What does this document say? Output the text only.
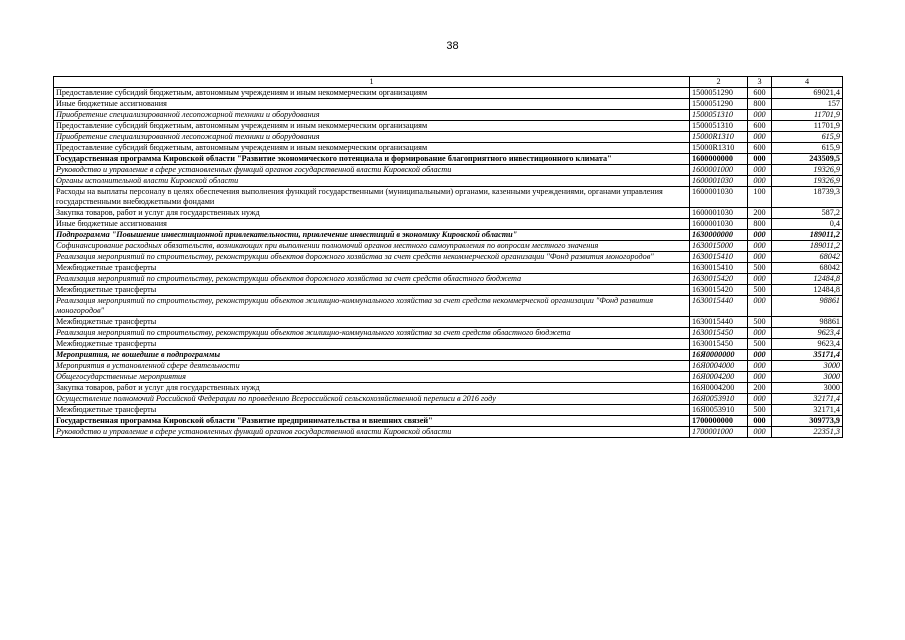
38
1	2	3	4
Предоставление субсидий бюджетным, автономным учреждениям и иным некоммерческим организациям	1500051290	600	69021,4
Иные бюджетные ассигнования	1500051290	800	157
Приобретение специализированной лесопожарной техники и оборудования	1500051310	000	11701,9
Предоставление субсидий бюджетным, автономным учреждениям и иным некоммерческим организациям	1500051310	600	11701,9
Приобретение специализированной лесопожарной техники и оборудования	15000R1310	000	615,9
Предоставление субсидий бюджетным, автономным учреждениям и иным некоммерческим организациям	15000R1310	600	615,9
Государственная программа Кировской области "Развитие экономического потенциала и формирование благоприятного инвестиционного климата"	1600000000	000	243509,5
Руководство и управление в сфере установленных функций органов государственной власти Кировской области	1600001000	000	19326,9
Органы исполнительной власти Кировской области	1600001030	000	19326,9
Расходы на выплаты персоналу в целях обеспечения выполнения функций государственными (муниципальными) органами, казенными учреждениями, органами управления государственными внебюджетными фондами	1600001030	100	18739,3
Закупка товаров, работ и услуг для государственных нужд	1600001030	200	587,2
Иные бюджетные ассигнования	1600001030	800	0,4
Подпрограмма "Повышение инвестиционной привлекательности, привлечение инвестиций в экономику Кировской области"	1630000000	000	189011,2
Софинансирование расходных обязательств, возникающих при выполнении полномочий органов местного самоуправления по вопросам местного значения	1630015000	000	189011,2
Реализация мероприятий по строительству, реконструкции объектов дорожного хозяйства за счет средств некоммерческой организации "Фонд развития моногородов"	1630015410	000	68042
Межбюджетные трансферты	1630015410	500	68042
Реализация мероприятий по строительству, реконструкции объектов дорожного хозяйства за счет средств областного бюджета	1630015420	000	12484,8
Межбюджетные трансферты	1630015420	500	12484,8
Реализация мероприятий по строительству, реконструкции объектов жилищно-коммунального хозяйства за счет средств некоммерческой организации "Фонд развития моногородов"	1630015440	000	98861
Межбюджетные трансферты	1630015440	500	98861
Реализация мероприятий по строительству, реконструкции объектов жилищно-коммунального хозяйства за счет средств областного бюджета	1630015450	000	9623,4
Межбюджетные трансферты	1630015450	500	9623,4
Мероприятия, не вошедшие в подпрограммы	16Я0000000	000	35171,4
Мероприятия в установленной сфере деятельности	16Я0004000	000	3000
Общегосударственные мероприятия	16Я0004200	000	3000
Закупка товаров, работ и услуг для государственных нужд	16Я0004200	200	3000
Осуществление полномочий Российской Федерации по проведению Всероссийской сельскохозяйственной переписи в 2016 году	16Я0053910	000	32171,4
Межбюджетные трансферты	16Я0053910	500	32171,4
Государственная программа Кировской области "Развитие предпринимательства и внешних связей"	1700000000	000	309773,9
Руководство и управление в сфере установленных функций органов государственной власти Кировской области	1700001000	000	22351,3
